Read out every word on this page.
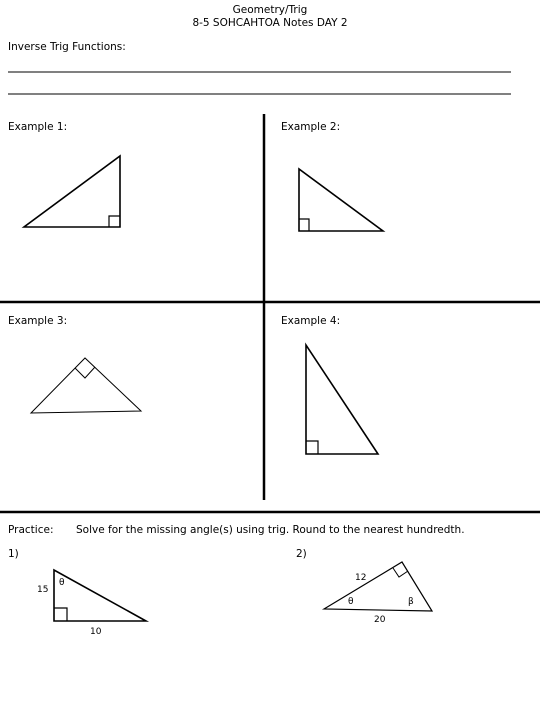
Geometry/Trig
8-5 SOHCAHTOA Notes DAY 2
Inverse Trig Functions:
Example 1:	Example 2:
Example 3:	Example 4:
Practice: Solve for the missing angle(s) using trig. Round to the nearest hundredth.
1)	2)
15
10
θ	12
20
θ	β
